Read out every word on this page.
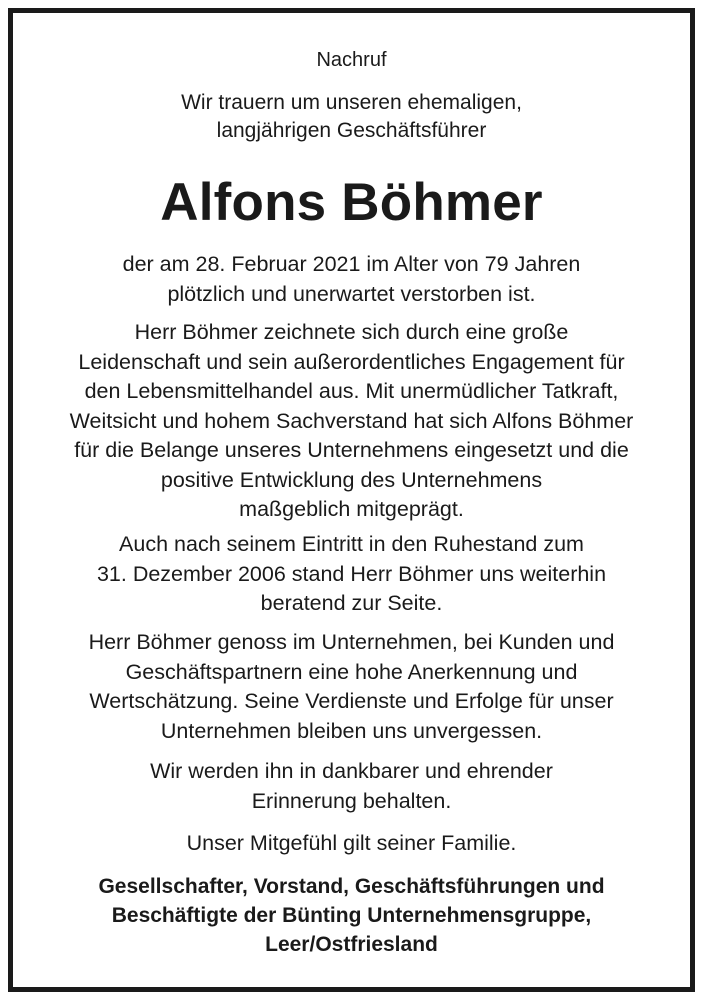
Nachruf
Wir trauern um unseren ehemaligen,
langjährigen Geschäftsführer
Alfons Böhmer
der am 28. Februar 2021 im Alter von 79 Jahren
plötzlich und unerwartet verstorben ist.
Herr Böhmer zeichnete sich durch eine große
Leidenschaft und sein außerordentliches Engagement für
den Lebensmittelhandel aus. Mit unermüdlicher Tatkraft,
Weitsicht und hohem Sachverstand hat sich Alfons Böhmer
für die Belange unseres Unternehmens eingesetzt und die
positive Entwicklung des Unternehmens
maßgeblich mitgeprägt.
Auch nach seinem Eintritt in den Ruhestand zum
31. Dezember 2006 stand Herr Böhmer uns weiterhin
beratend zur Seite.
Herr Böhmer genoss im Unternehmen, bei Kunden und
Geschäftspartnern eine hohe Anerkennung und
Wertschätzung. Seine Verdienste und Erfolge für unser
Unternehmen bleiben uns unvergessen.
Wir werden ihn in dankbarer und ehrender
Erinnerung behalten.
Unser Mitgefühl gilt seiner Familie.
Gesellschafter, Vorstand, Geschäftsführungen und
Beschäftigte der Bünting Unternehmensgruppe,
Leer/Ostfriesland
